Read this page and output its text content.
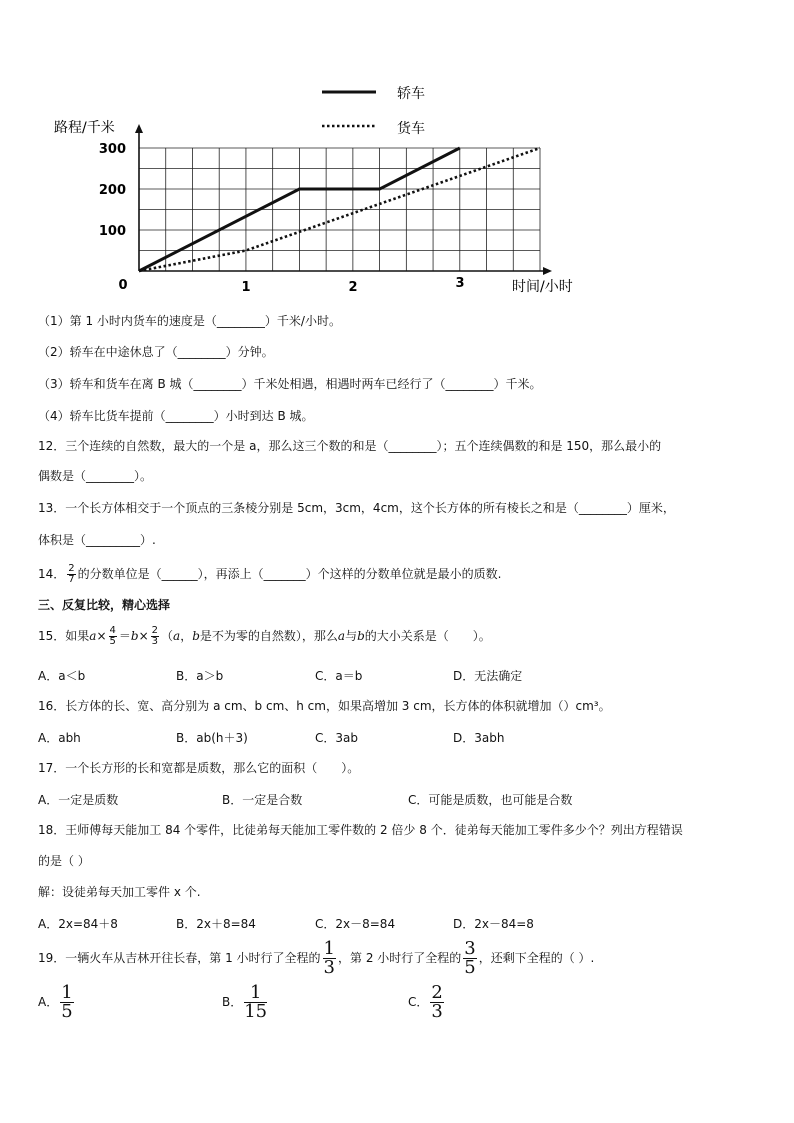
0	1	2	3
100
200
300
轿车
货车
路程/千米
时间/小时
（1）第 1 小时内货车的速度是（________）千米/小时。
（2）轿车在中途休息了（________）分钟。
（3）轿车和货车在离 B 城（________）千米处相遇，相遇时两车已经行了（________）千米。
（4）轿车比货车提前（________）小时到达 B 城。
12．三个连续的自然数，最大的一个是 a，那么这三个数的和是（________）；五个连续偶数的和是 150，那么最小的
偶数是（________）。
13．一个长方体相交于一个顶点的三条棱分别是 5cm，3cm，4cm，这个长方体的所有棱长之和是（________）厘米，
体积是（_________）.
14． $\frac{2}{7}$ 的分数单位是（______），再添上（_______）个这样的分数单位就是最小的质数.
三、反复比较，精心选择
15．如果$a\times \frac{4}{5} =b\times \frac{2}{3} (a$，b是不为零的自然数），那么a与b的大小关系是（　　）。
A．a＜b	B．a＞b	C．a＝b	D．无法确定
16．长方体的长、宽、高分别为 a cm、b cm、h cm，如果高增加 3 cm，长方体的体积就增加（）cm³。
A．abh	B．ab(h＋3)	C．3ab	D．3abh
17．一个长方形的长和宽都是质数，那么它的面积（　　）。
A．一定是质数	B．一定是合数	C．可能是质数，也可能是合数
18．王师傅每天能加工 84 个零件，比徒弟每天能加工零件数的 2 倍少 8 个．徒弟每天能加工零件多少个？列出方程错误
的是（ ）
解：设徒弟每天加工零件 x 个.
A．2x=84＋8	B．2x＋8=84	C．2x－8=84	D．2x－84=8
19．一辆火车从吉林开往长春，第 1 小时行了全程的 $\frac{1}{3}$ ，第 2 小时行了全程的 $\frac{3}{5}$ ，还剩下全程的（ ）.
A． $\frac{1}{5}$	B． $\frac{1}{15}$	C． $\frac{2}{3}$
